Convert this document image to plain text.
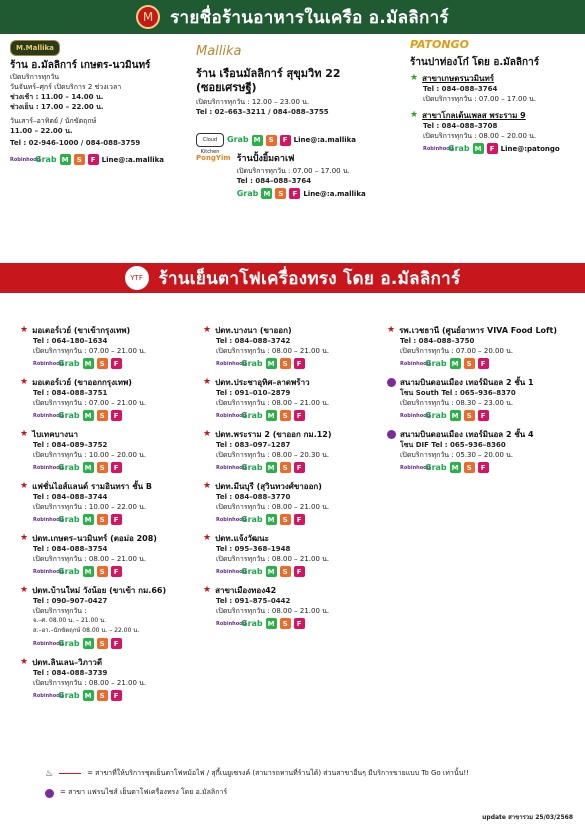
M รายชื่อร้านอาหารในเครือ อ.มัลลิการ์
M.Mallika
ร้าน อ.มัลลิการ์ เกษตร-นวมินทร์
เปิดบริการทุกวัน
วันจันทร์–ศุกร์ เปิดบริการ 2 ช่วงเวลา
ช่วงเช้า : 11.00 – 14.00 น.
ช่วงเย็น : 17.00 – 22.00 น.
วันเสาร์–อาทิตย์ / นักขัตฤกษ์
11.00 – 22.00 น.
Tel : 02-946-1000 / 084-088-3759
Robinhood
Grab M	S	F Line@:a.mallika
Mallika
ร้าน เรือนมัลลิการ์ สุขุมวิท 22
(ซอยเศรษฐี)
เปิดบริการทุกวัน : 12.00 – 23.00 น.
Tel : 02–663–3211 / 084–088–3755
Cloud Kitchen
Grab M	S	F Line@:a.mallika
PongYim ร้านปั้งยิ้มดาเฟ
เปิดบริการทุกวัน : 07.00 – 17.00 น.
Tel : 084–088–3764
Grab M	S	F Line@:a.mallika
PATONGO
ร้านปาท่องโก๋ โดย อ.มัลลิการ์
★ สาขาเกษตรนวมินทร์
Tel : 084–088–3764
เปิดบริการทุกวัน : 07.00 – 17.00 น.
★ สาขาโกลเด้นเพลส พระราม 9
Tel : 084–088–3708
เปิดบริการทุกวัน : 08.00 – 20.00 น.
Robinhood
Grab M	F Line@:patongo
YTF ร้านเย็นตาโฟเครื่องทรง โดย อ.มัลลิการ์
★ มอเตอร์เวย์ (ขาเข้ากรุงเทพ)
Tel : 064–180–1634
เปิดบริการทุกวัน : 07.00 – 21.00 น.
Robinhood
Grab M	S	F
★ มอเตอร์เวย์ (ขาออกกรุงเทพ)
Tel : 084–088–3751
เปิดบริการทุกวัน : 07.00 – 21.00 น.
Robinhood
Grab M	S	F
★ ไบเทคบางนา
Tel : 084–089–3752
เปิดบริการทุกวัน : 10.00 – 20.00 น.
Robinhood
Grab M	S	F
★ แฟชั่นไอส์แลนด์ รามอินทรา ชั้น B
Tel : 084–088–3744
เปิดบริการทุกวัน : 10.00 – 22.00 น.
Robinhood
Grab M	S	F
★ ปตท.เกษตร–นวมินทร์ (ตอม่อ 208)
Tel : 084–088–3754
เปิดบริการทุกวัน : 08.00 – 21.00 น.
Robinhood
Grab M	S	F
★ ปตท.บ้านใหม่ วังน้อย (ขาเข้า กม.66)
Tel : 090–907–0427
เปิดบริการทุกวัน :
จ.–ศ. 08.00 น. – 21.00 น.
ส.–อา.–นักขัตฤกษ์ 08.00 น. – 22.00 น.
Robinhood
Grab M	S	F
★ ปตท.ลินเลน–วิภาวดี
Tel : 084–088–3739
เปิดบริการทุกวัน : 08.00 – 21.00 น.
Robinhood
Grab M	S	F
★ ปตท.บางนา (ขาออก)
Tel : 084–088–3742
เปิดบริการทุกวัน : 08.00 – 21.00 น.
Robinhood
Grab M	S	F
★ ปตท.ประชาอุทิศ–ลาดพร้าว
Tel : 091–010–2879
เปิดบริการทุกวัน : 08.00 – 21.00 น.
Robinhood
Grab M	S	F
★ ปตท.พระราม 2 (ขาออก กม.12)
Tel : 083–097–1287
เปิดบริการทุกวัน : 08.00 – 20.30 น.
Robinhood
Grab M	S	F
★ ปตท.มีนบุรี (สุวินทวงศ์ขาออก)
Tel : 084–088–3770
เปิดบริการทุกวัน : 08.00 – 21.00 น.
Robinhood
Grab M	S	F
★ ปตท.แจ้งวัฒนะ
Tel : 095–368–1948
เปิดบริการทุกวัน : 08.00 – 21.00 น.
Robinhood
Grab M	S	F
★ สาขาเมืองทอง42
Tel : 091–875–0442
เปิดบริการทุกวัน : 08.00 – 21.00 น.
Robinhood
Grab M	S	F
★ รพ.เวชธานี (ศูนย์อาหาร VIVA Food Loft)
Tel : 084–088–3750
เปิดบริการทุกวัน : 07.00 – 20.00 น.
Robinhood
Grab M	S	F
สนามบินดอนเมือง เทอร์มินอล 2 ชั้น 1
โซน South Tel : 065–936–8370
เปิดบริการทุกวัน : 08.30 – 23.00 น.
Robinhood
Grab M	S	F
สนามบินดอนเมือง เทอร์มินอล 2 ชั้น 4
โซน DIF Tel : 065–936–8360
เปิดบริการทุกวัน : 05.30 – 20.00 น.
Robinhood
Grab M	S	F
♨	= สาขาที่ให้บริการชุดเย็นตาโฟหม้อไฟ / สุกี้เนยูเซรงค์ (สามารถทานที่ร้านได้) ส่วนสาขาอื่นๆ มีบริการขายแบบ To Go เท่านั้น!!
= สาขา แฟรนไชส์ เย็นตาโฟเครื่องทรง โดย อ.มัลลิการ์
update สาขารวม 25/03/2568
